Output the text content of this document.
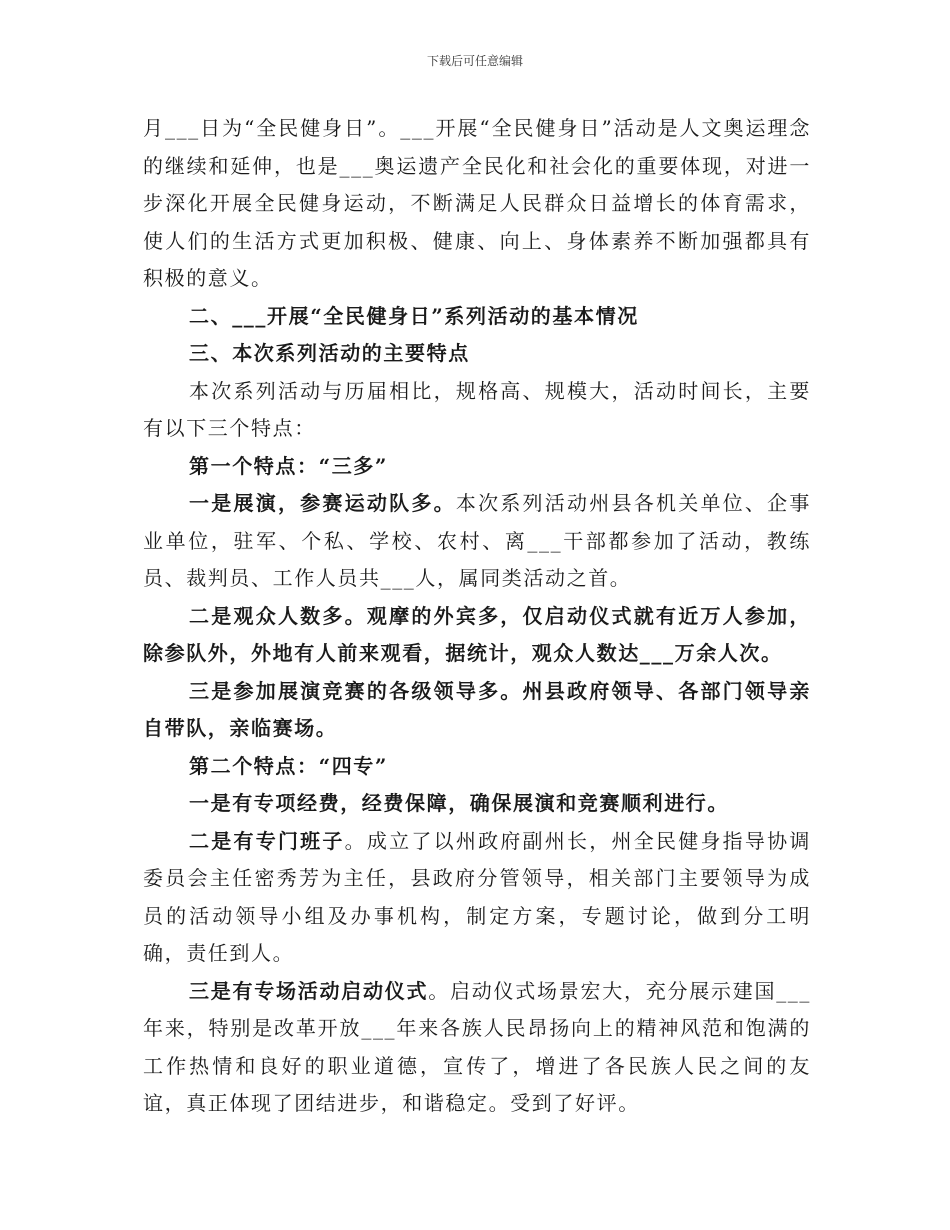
下载后可任意编辑

月___日为“全民健身日”。___开展“全民健身日”活动是人文奥运理念的继续和延伸，也是___奥运遗产全民化和社会化的重要体现，对进一步深化开展全民健身运动，不断满足人民群众日益增长的体育需求，使人们的生活方式更加积极、健康、向上、身体素养不断加强都具有积极的意义。

二、___开展“全民健身日”系列活动的基本情况

三、本次系列活动的主要特点

本次系列活动与历届相比，规格高、规模大，活动时间长，主要有以下三个特点：

第一个特点：“三多”

一是展演，参赛运动队多。本次系列活动州县各机关单位、企事业单位，驻军、个私、学校、农村、离___干部都参加了活动，教练员、裁判员、工作人员共___人，属同类活动之首。

二是观众人数多。观摩的外宾多，仅启动仪式就有近万人参加，除参队外，外地有人前来观看，据统计，观众人数达___万余人次。

三是参加展演竞赛的各级领导多。州县政府领导、各部门领导亲自带队，亲临赛场。

第二个特点：“四专”

一是有专项经费，经费保障，确保展演和竞赛顺利进行。

二是有专门班子。成立了以州政府副州长，州全民健身指导协调委员会主任密秀芳为主任，县政府分管领导，相关部门主要领导为成员的活动领导小组及办事机构，制定方案，专题讨论，做到分工明确，责任到人。

三是有专场活动启动仪式。启动仪式场景宏大，充分展示建国___年来，特别是改革开放___年来各族人民昂扬向上的精神风范和饱满的工作热情和良好的职业道德，宣传了，增进了各民族人民之间的友谊，真正体现了团结进步，和谐稳定。受到了好评。
